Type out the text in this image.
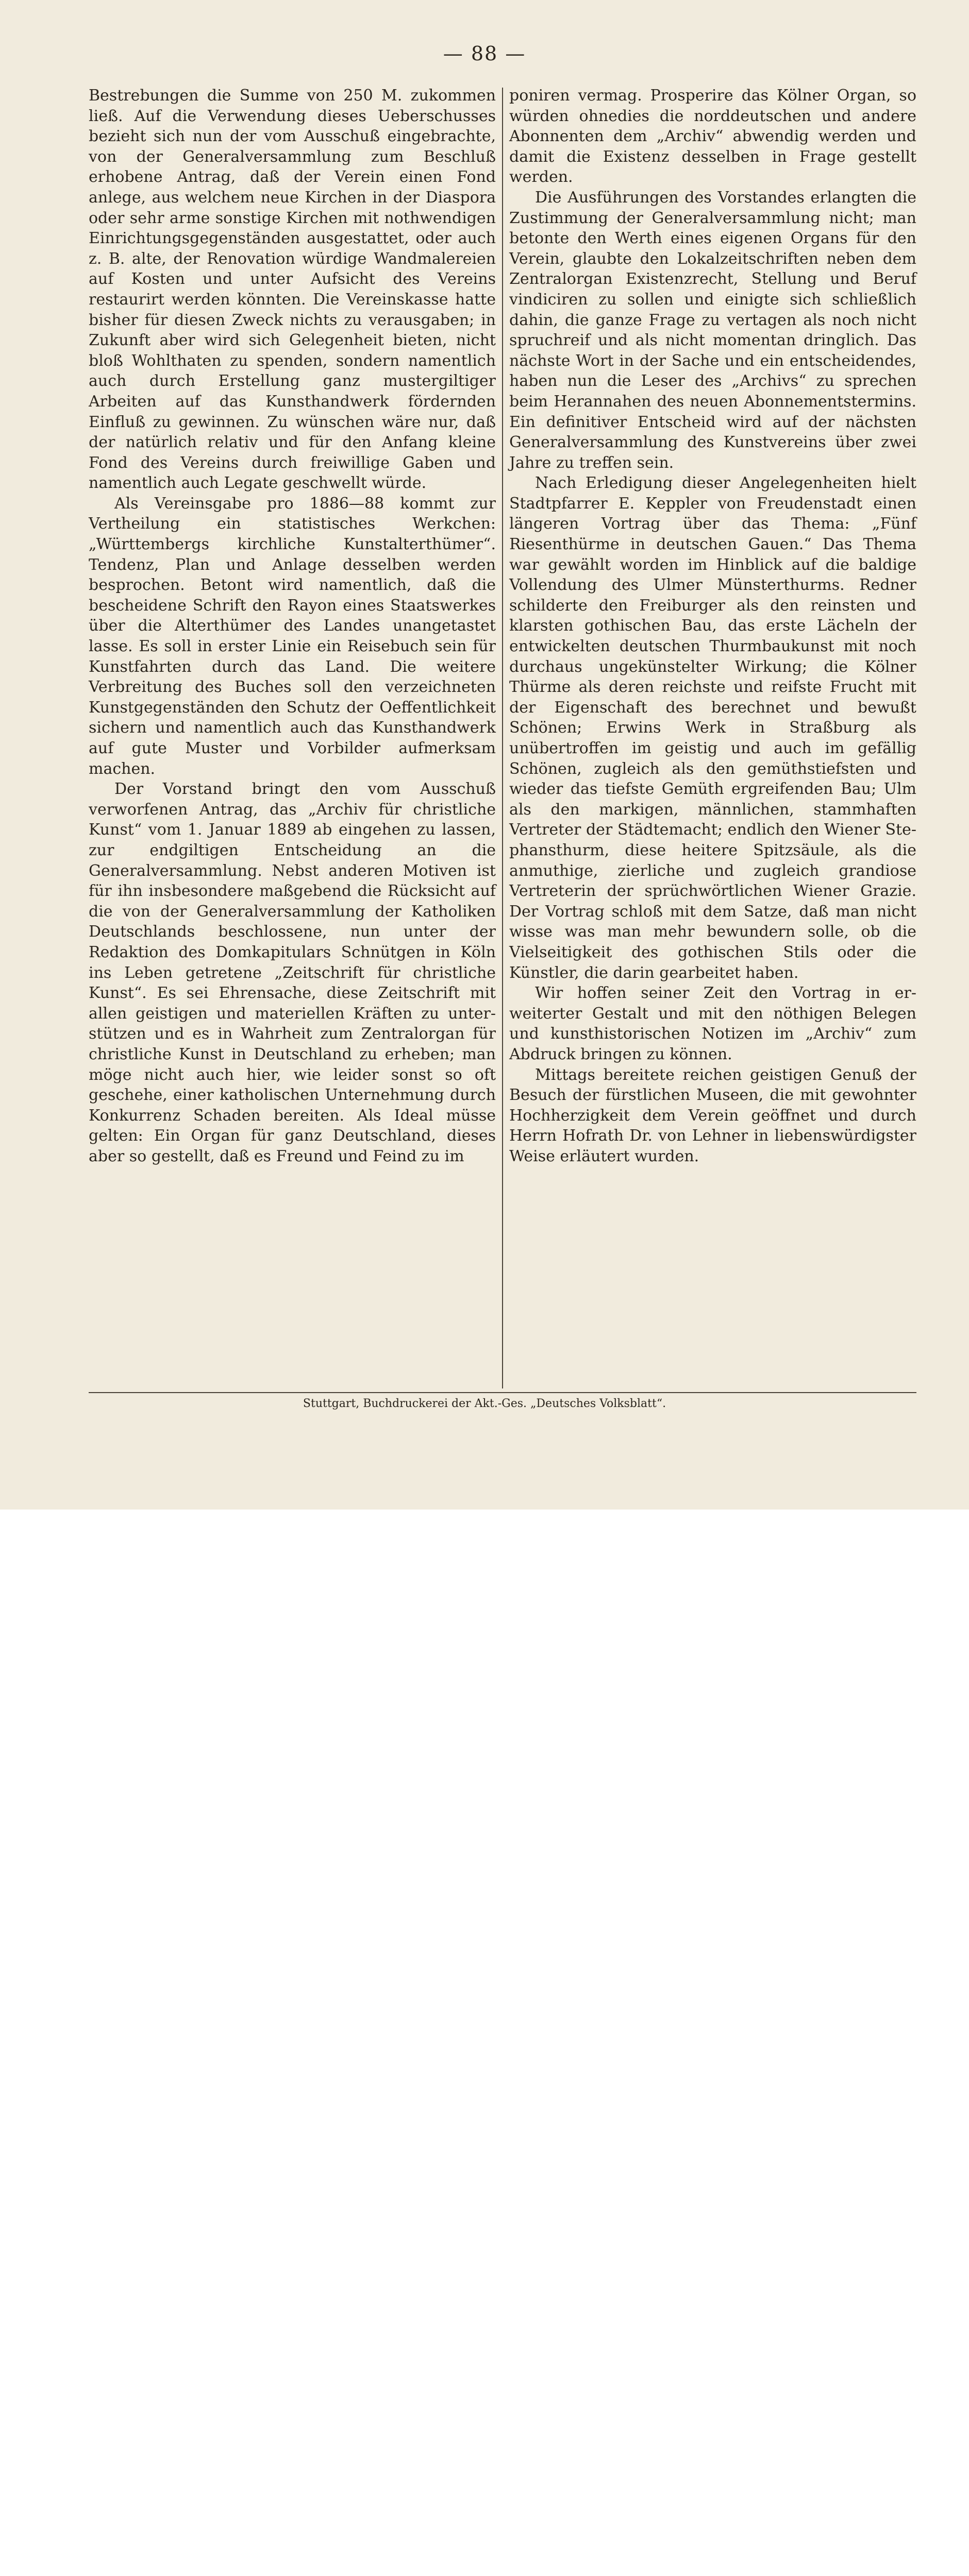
— 88 —

Bestrebungen die Summe von 250 M. zukommen ließ. Auf die Verwendung dieses Ueberschusses bezieht sich nun der vom Ausschuß eingebrachte, von der Generalversammlung zum Beschluß erhobene Antrag, daß der Verein einen Fond anlege, aus welchem neue Kirchen in der Diaspora oder sehr arme sonstige Kirchen mit nothwendigen Einrichtungsgegenständen ausgestattet, oder auch z. B. alte, der Renovation würdige Wandmalereien auf Kosten und unter Aufsicht des Vereins restaurirt werden könnten. Die Vereinskasse hatte bisher für diesen Zweck nichts zu verausgaben; in Zukunft aber wird sich Gelegenheit bieten, nicht bloß Wohlthaten zu spenden, sondern namentlich auch durch Erstellung ganz mustergiltiger Arbeiten auf das Kunsthandwerk fördernden Einfluß zu gewinnen. Zu wünschen wäre nur, daß der natürlich relativ und für den Anfang kleine Fond des Vereins durch freiwillige Gaben und namentlich auch Legate geschwellt würde.

Als Vereinsgabe pro 1886—88 kommt zur Vertheilung ein statistisches Werkchen: „Württembergs kirchliche Kunstalterthümer“. Tendenz, Plan und Anlage desselben werden besprochen. Betont wird namentlich, daß die bescheidene Schrift den Rayon eines Staatswerkes über die Alterthümer des Landes unangetastet lasse. Es soll in erster Linie ein Reisebuch sein für Kunstfahrten durch das Land. Die weitere Verbreitung des Buches soll den verzeichneten Kunstgegenständen den Schutz der Oeffentlichkeit sichern und namentlich auch das Kunsthandwerk auf gute Muster und Vorbilder aufmerksam machen.

Der Vorstand bringt den vom Ausschuß verworfenen Antrag, das „Archiv für christliche Kunst“ vom 1. Januar 1889 ab eingehen zu lassen, zur endgiltigen Entscheidung an die Generalversammlung. Nebst anderen Motiven ist für ihn insbesondere maßgebend die Rücksicht auf die von der Generalversammlung der Katholiken Deutschlands beschlossene, nun unter der Redaktion des Domkapitulars Schnütgen in Köln ins Leben getretene „Zeitschrift für christliche Kunst“. Es sei Ehrensache, diese Zeitschrift mit allen geistigen und materiellen Kräften zu unterstützen und es in Wahrheit zum Zentralorgan für christliche Kunst in Deutschland zu erheben; man möge nicht auch hier, wie leider sonst so oft geschehe, einer katholischen Unternehmung durch Konkurrenz Schaden bereiten. Als Ideal müsse gelten: Ein Organ für ganz Deutschland, dieses aber so gestellt, daß es Freund und Feind zu im

poniren vermag. Prosperire das Kölner Organ, so würden ohnedies die norddeutschen und andere Abonnenten dem „Archiv“ abwendig werden und damit die Existenz desselben in Frage gestellt werden.

Die Ausführungen des Vorstandes erlangten die Zustimmung der Generalversammlung nicht; man betonte den Werth eines eigenen Organs für den Verein, glaubte den Lokalzeitschriften neben dem Zentralorgan Existenzrecht, Stellung und Beruf vindiciren zu sollen und einigte sich schließlich dahin, die ganze Frage zu vertagen als noch nicht spruchreif und als nicht momentan dringlich. Das nächste Wort in der Sache und ein entscheidendes, haben nun die Leser des „Archivs“ zu sprechen beim Herannahen des neuen Abonnementstermins. Ein definitiver Entscheid wird auf der nächsten Generalversammlung des Kunstvereins über zwei Jahre zu treffen sein.

Nach Erledigung dieser Angelegenheiten hielt Stadtpfarrer E. Keppler von Freudenstadt einen längeren Vortrag über das Thema: „Fünf Riesenthürme in deutschen Gauen.“ Das Thema war gewählt worden im Hinblick auf die baldige Vollendung des Ulmer Münsterthurms. Redner schilderte den Freiburger als den reinsten und klarsten gothischen Bau, das erste Lächeln der entwickelten deutschen Thurmbaukunst mit noch durchaus ungekünstelter Wirkung; die Kölner Thürme als deren reichste und reifste Frucht mit der Eigenschaft des berechnet und bewußt Schönen; Erwins Werk in Straßburg als unübertroffen im geistig und auch im gefällig Schönen, zugleich als den gemüthstiefsten und wieder das tiefste Gemüth ergreifenden Bau; Ulm als den markigen, männlichen, stammhaften Vertreter der Städtemacht; endlich den Wiener Stephansthurm, diese heitere Spitzsäule, als die anmuthige, zierliche und zugleich grandiose Vertreterin der sprüchwörtlichen Wiener Grazie. Der Vortrag schloß mit dem Satze, daß man nicht wisse was man mehr bewundern solle, ob die Vielseitigkeit des gothischen Stils oder die Künstler, die darin gearbeitet haben.

Wir hoffen seiner Zeit den Vortrag in erweiterter Gestalt und mit den nöthigen Belegen und kunsthistorischen Notizen im „Archiv“ zum Abdruck bringen zu können.

Mittags bereitete reichen geistigen Genuß der Besuch der fürstlichen Museen, die mit gewohnter Hochherzigkeit dem Verein geöffnet und durch Herrn Hofrath Dr. von Lehner in liebenswürdigster Weise erläutert wurden.

Stuttgart, Buchdruckerei der Akt.-Ges. „Deutsches Volksblatt“.
